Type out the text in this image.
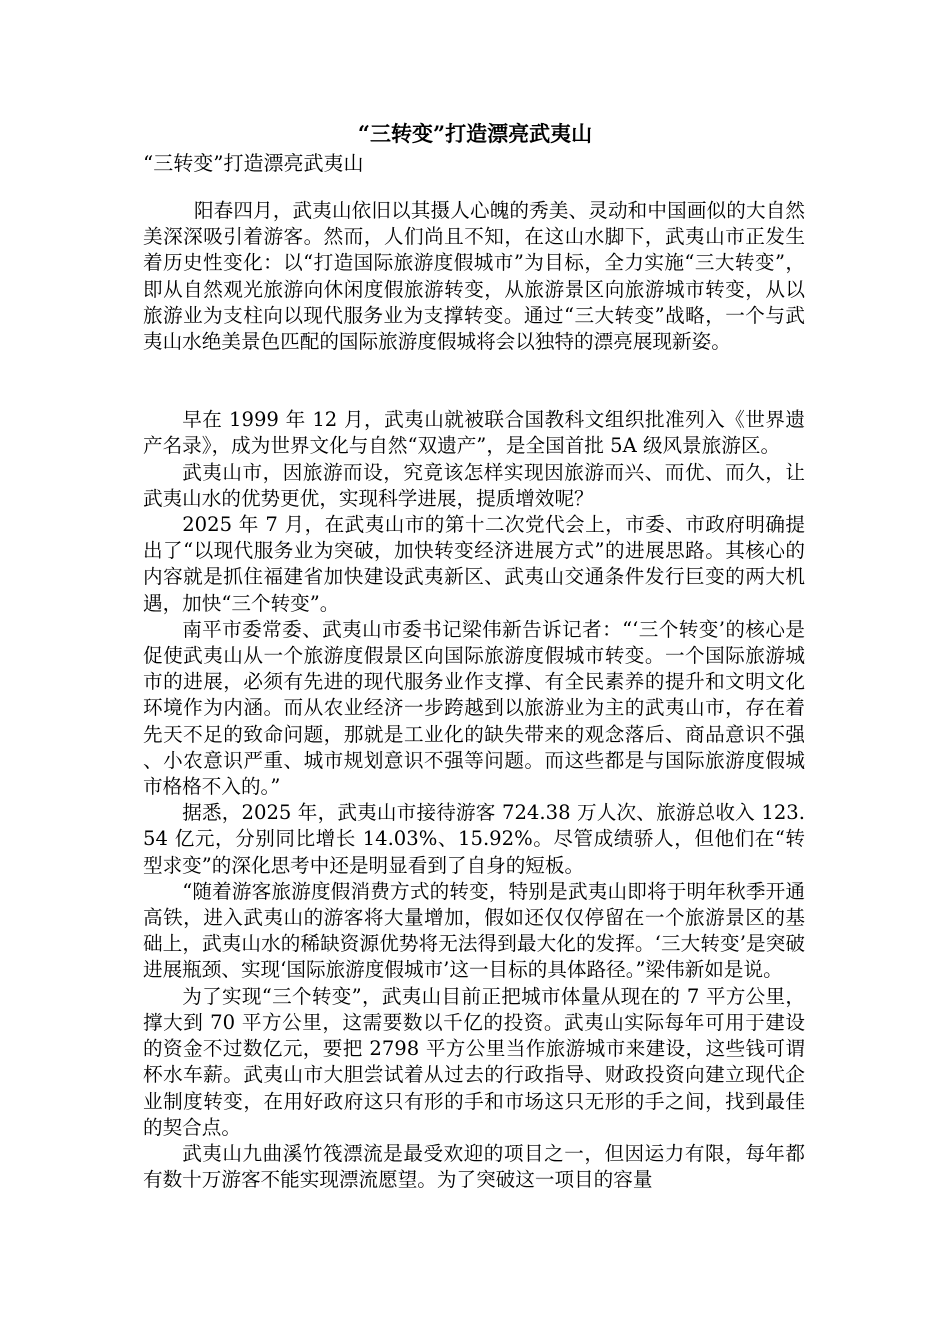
“三转变”打造漂亮武夷山
“三转变”打造漂亮武夷山

阳春四月，武夷山依旧以其摄人心魄的秀美、灵动和中国画似的大自然美深深吸引着游客。然而，人们尚且不知，在这山水脚下，武夷山市正发生着历史性变化：以“打造国际旅游度假城市”为目标，全力实施“三大转变”，即从自然观光旅游向休闲度假旅游转变，从旅游景区向旅游城市转变，从以旅游业为支柱向以现代服务业为支撑转变。通过“三大转变”战略，一个与武夷山水绝美景色匹配的国际旅游度假城将会以独特的漂亮展现新姿。

早在 1999 年 12 月，武夷山就被联合国教科文组织批准列入《世界遗产名录》，成为世界文化与自然“双遗产”，是全国首批 5A 级风景旅游区。

武夷山市，因旅游而设，究竟该怎样实现因旅游而兴、而优、而久，让武夷山水的优势更优，实现科学进展，提质增效呢？

2025 年 7 月，在武夷山市的第十二次党代会上，市委、市政府明确提出了“以现代服务业为突破，加快转变经济进展方式”的进展思路。其核心的内容就是抓住福建省加快建设武夷新区、武夷山交通条件发行巨变的两大机遇，加快“三个转变”。

南平市委常委、武夷山市委书记梁伟新告诉记者：“‘三个转变’的核心是促使武夷山从一个旅游度假景区向国际旅游度假城市转变。一个国际旅游城市的进展，必须有先进的现代服务业作支撑、有全民素养的提升和文明文化环境作为内涵。而从农业经济一步跨越到以旅游业为主的武夷山市，存在着先天不足的致命问题，那就是工业化的缺失带来的观念落后、商品意识不强、小农意识严重、城市规划意识不强等问题。而这些都是与国际旅游度假城市格格不入的。”

据悉，2025 年，武夷山市接待游客 724.38 万人次、旅游总收入 123.54 亿元，分别同比增长 14.03%、15.92%。尽管成绩骄人，但他们在“转型求变”的深化思考中还是明显看到了自身的短板。

“随着游客旅游度假消费方式的转变，特别是武夷山即将于明年秋季开通高铁，进入武夷山的游客将大量增加，假如还仅仅停留在一个旅游景区的基础上，武夷山水的稀缺资源优势将无法得到最大化的发挥。‘三大转变’是突破进展瓶颈、实现‘国际旅游度假城市’这一目标的具体路径。”梁伟新如是说。

为了实现“三个转变”，武夷山目前正把城市体量从现在的 7 平方公里，撑大到 70 平方公里，这需要数以千亿的投资。武夷山实际每年可用于建设的资金不过数亿元，要把 2798 平方公里当作旅游城市来建设，这些钱可谓杯水车薪。武夷山市大胆尝试着从过去的行政指导、财政投资向建立现代企业制度转变，在用好政府这只有形的手和市场这只无形的手之间，找到最佳的契合点。

武夷山九曲溪竹筏漂流是最受欢迎的项目之一，但因运力有限，每年都有数十万游客不能实现漂流愿望。为了突破这一项目的容量
